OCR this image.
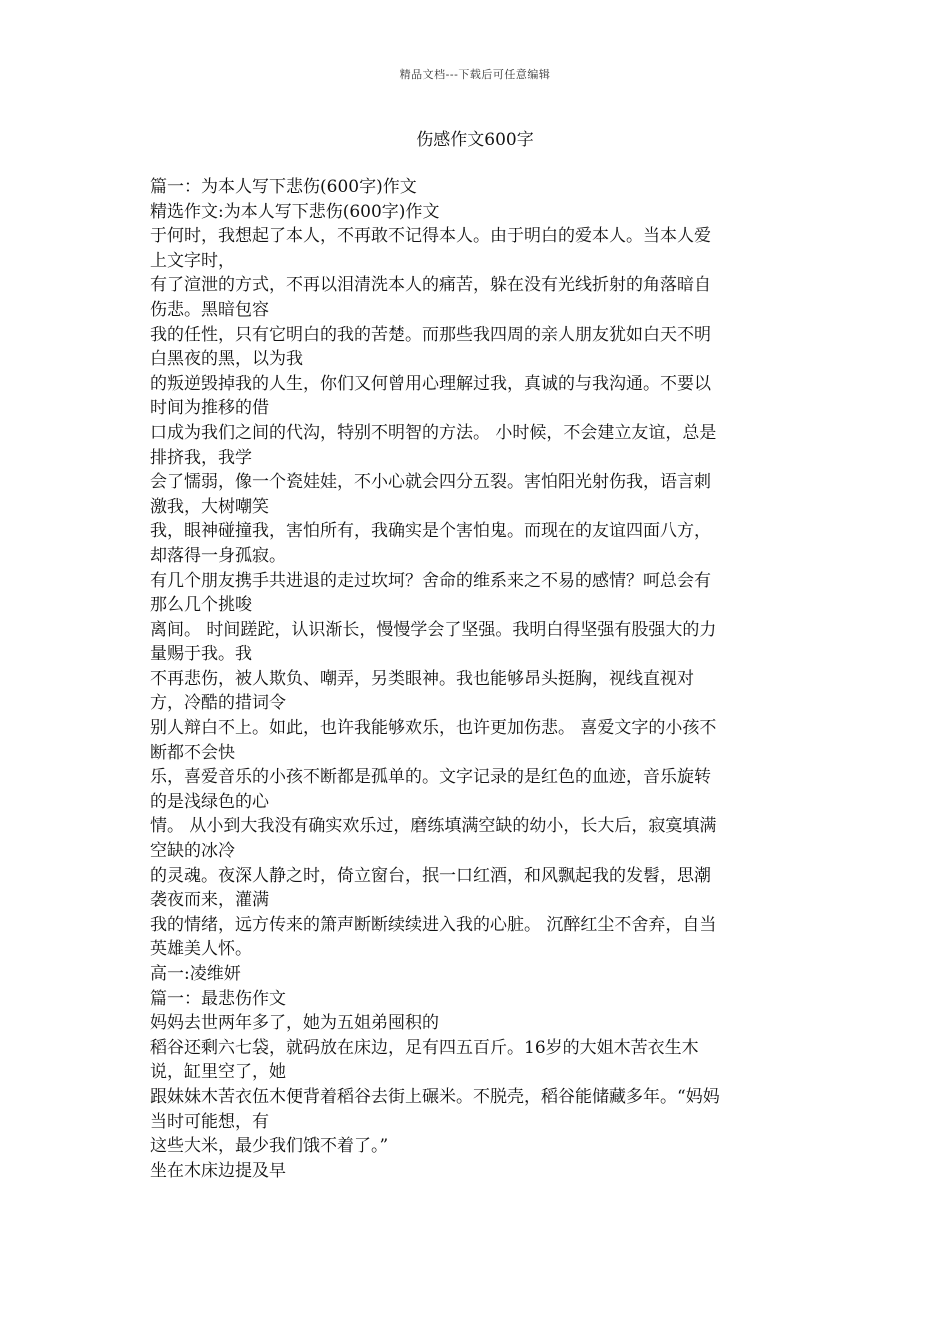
精品文档---下载后可任意编辑
伤感作文600字
篇一：为本人写下悲伤(600字)作文
精选作文:为本人写下悲伤(600字)作文
于何时，我想起了本人，不再敢不记得本人。由于明白的爱本人。当本人爱
上文字时，
有了渲泄的方式，不再以泪清洗本人的痛苦，躲在没有光线折射的角落暗自
伤悲。黑暗包容
我的任性，只有它明白的我的苦楚。而那些我四周的亲人朋友犹如白天不明
白黑夜的黑，以为我
的叛逆毁掉我的人生，你们又何曾用心理解过我，真诚的与我沟通。不要以
时间为推移的借
口成为我们之间的代沟，特别不明智的方法。 小时候，不会建立友谊，总是
排挤我，我学
会了懦弱，像一个瓷娃娃，不小心就会四分五裂。害怕阳光射伤我，语言刺
激我，大树嘲笑
我，眼神碰撞我，害怕所有，我确实是个害怕鬼。而现在的友谊四面八方，
却落得一身孤寂。
有几个朋友携手共进退的走过坎坷？舍命的维系来之不易的感情？呵总会有
那么几个挑唆
离间。 时间蹉跎，认识渐长，慢慢学会了坚强。我明白得坚强有股强大的力
量赐于我。我
不再悲伤，被人欺负、嘲弄，另类眼神。我也能够昂头挺胸，视线直视对
方，冷酷的措词令
别人辩白不上。如此，也许我能够欢乐，也许更加伤悲。 喜爱文字的小孩不
断都不会快
乐，喜爱音乐的小孩不断都是孤单的。文字记录的是红色的血迹，音乐旋转
的是浅绿色的心
情。 从小到大我没有确实欢乐过，磨练填满空缺的幼小，长大后，寂寞填满
空缺的冰冷
的灵魂。夜深人静之时，倚立窗台，抿一口红酒，和风飘起我的发髫，思潮
袭夜而来，灌满
我的情绪，远方传来的箫声断断续续进入我的心脏。 沉醉红尘不舍弃，自当
英雄美人怀。
高一:凌维妍
篇一：最悲伤作文
妈妈去世两年多了，她为五姐弟囤积的
稻谷还剩六七袋，就码放在床边，足有四五百斤。16岁的大姐木苦衣生木
说，缸里空了，她
跟妹妹木苦衣伍木便背着稻谷去街上碾米。不脱壳，稻谷能储藏多年。“妈妈
当时可能想，有
这些大米，最少我们饿不着了。”
坐在木床边提及早
